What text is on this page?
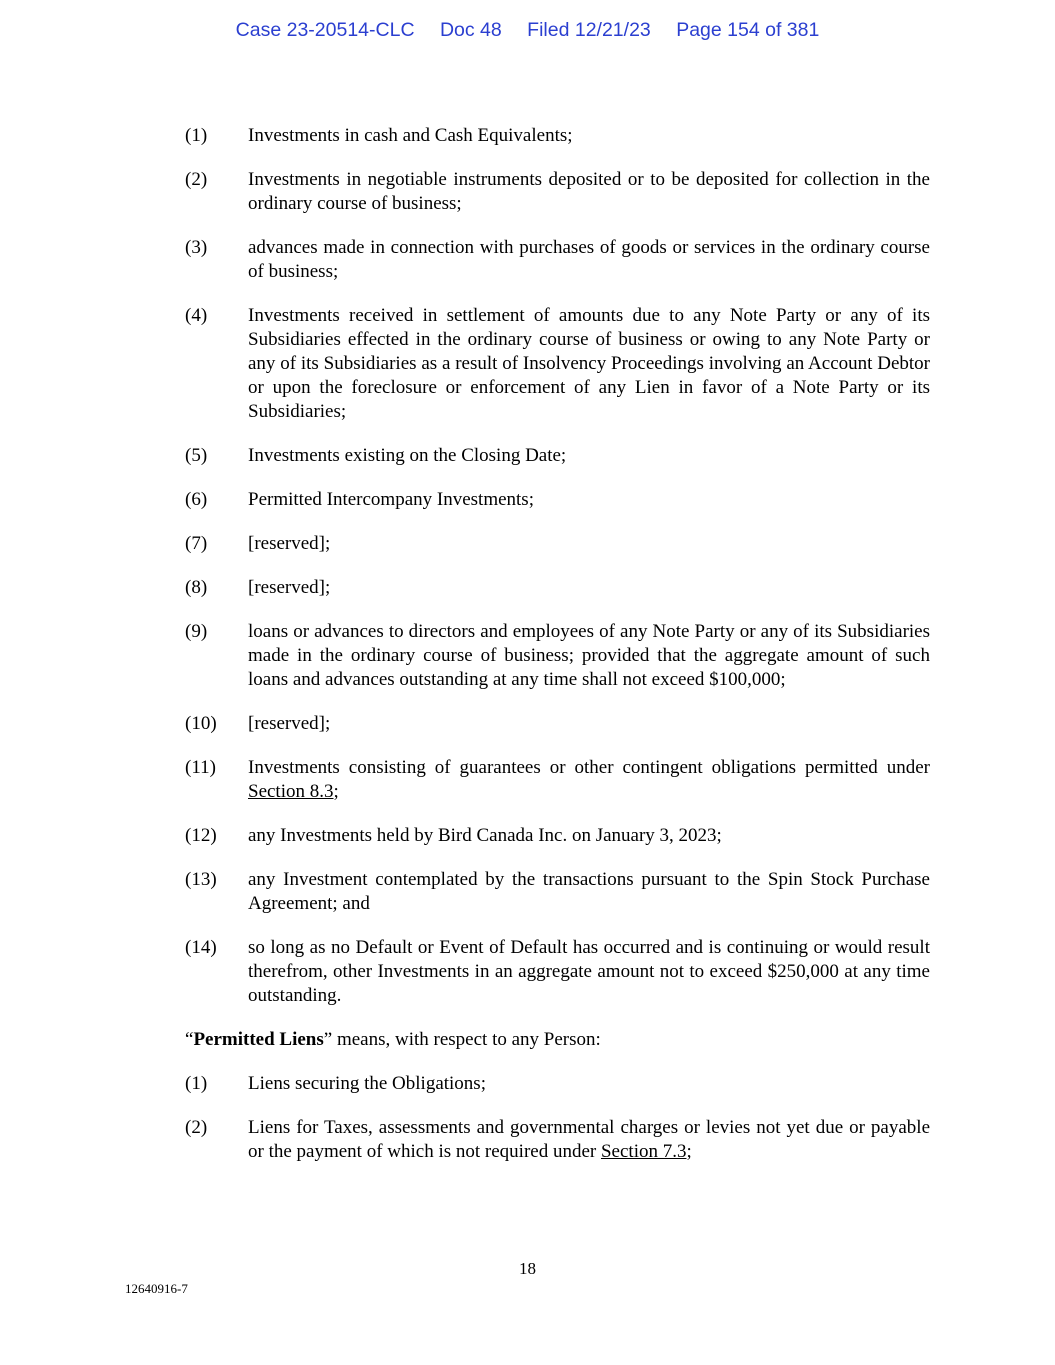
Case 23-20514-CLC Doc 48 Filed 12/21/23 Page 154 of 381
(1)	Investments in cash and Cash Equivalents;
(2)	Investments in negotiable instruments deposited or to be deposited for collection in the ordinary course of business;
(3)	advances made in connection with purchases of goods or services in the ordinary course of business;
(4)	Investments received in settlement of amounts due to any Note Party or any of its Subsidiaries effected in the ordinary course of business or owing to any Note Party or any of its Subsidiaries as a result of Insolvency Proceedings involving an Account Debtor or upon the foreclosure or enforcement of any Lien in favor of a Note Party or its Subsidiaries;
(5)	Investments existing on the Closing Date;
(6)	Permitted Intercompany Investments;
(7)	[reserved];
(8)	[reserved];
(9)	loans or advances to directors and employees of any Note Party or any of its Subsidiaries made in the ordinary course of business; provided that the aggregate amount of such loans and advances outstanding at any time shall not exceed $100,000;
(10)	[reserved];
(11)	Investments consisting of guarantees or other contingent obligations permitted under Section 8.3;
(12)	any Investments held by Bird Canada Inc. on January 3, 2023;
(13)	any Investment contemplated by the transactions pursuant to the Spin Stock Purchase Agreement; and
(14)	so long as no Default or Event of Default has occurred and is continuing or would result therefrom, other Investments in an aggregate amount not to exceed $250,000 at any time outstanding.
“Permitted Liens” means, with respect to any Person:
(1)	Liens securing the Obligations;
(2)	Liens for Taxes, assessments and governmental charges or levies not yet due or payable or the payment of which is not required under Section 7.3;
18
12640916-7
